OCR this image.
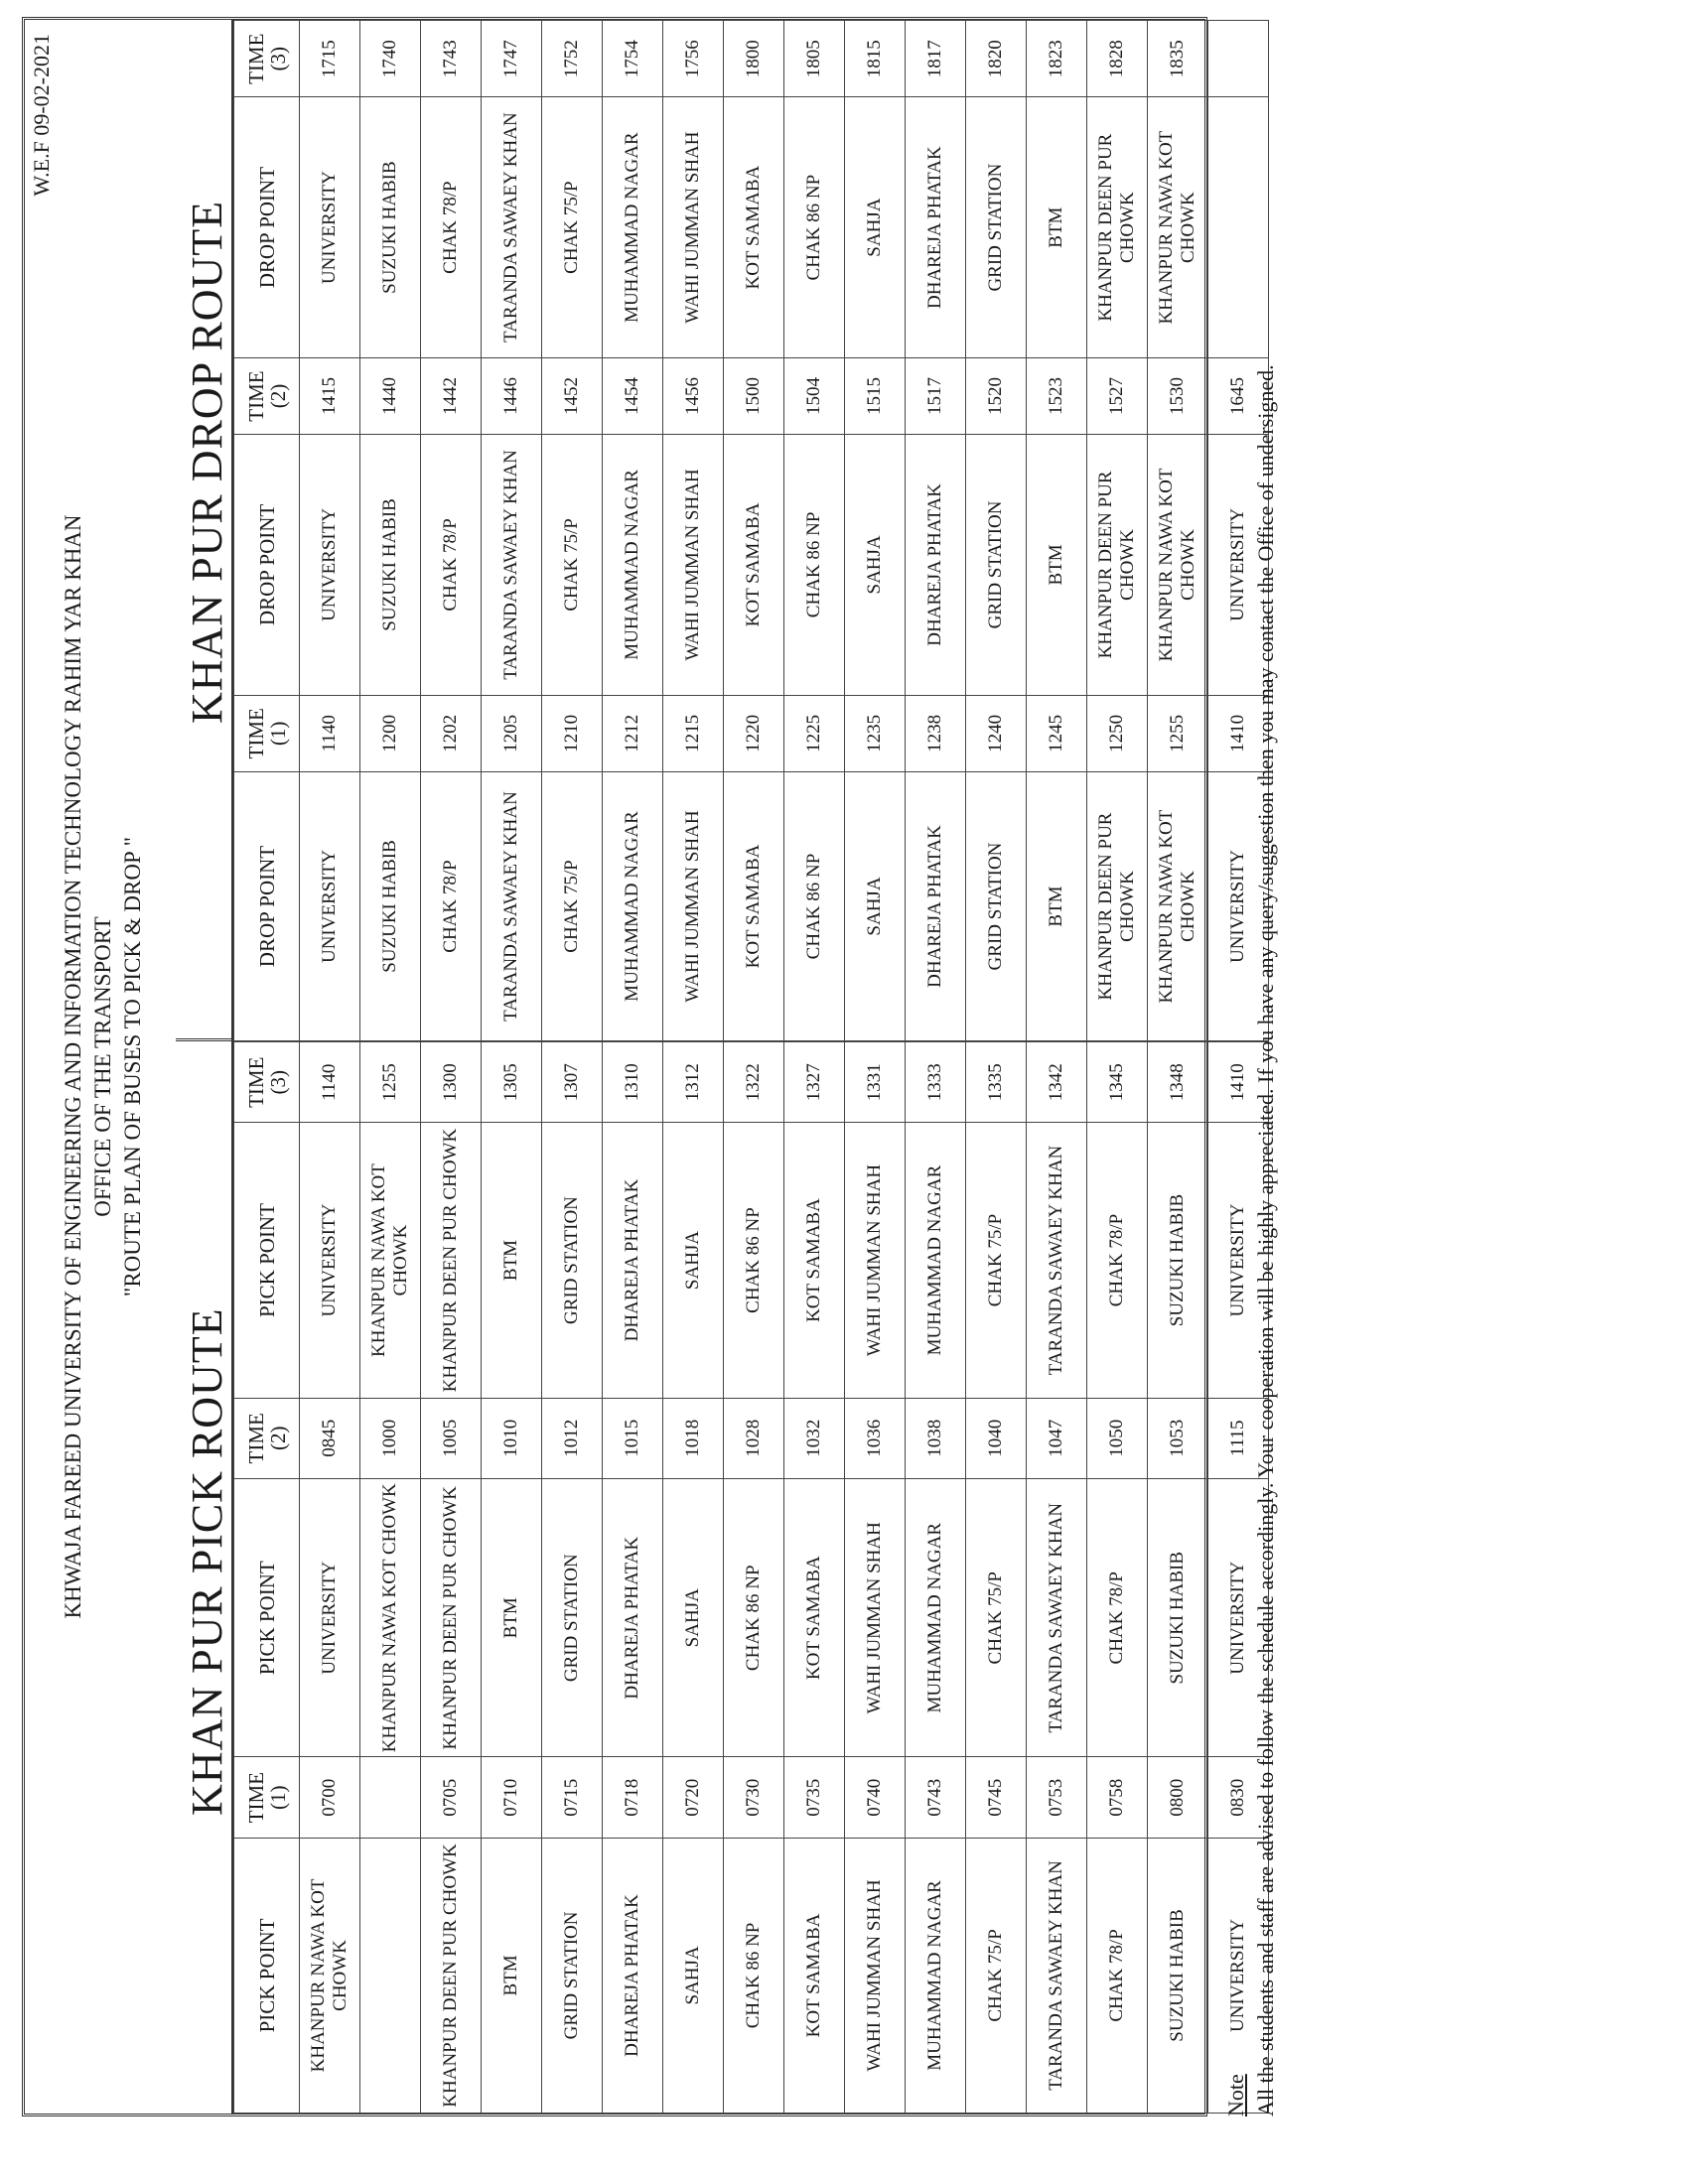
W.E.F 09-02-2021
KHWAJA FAREED UNIVERSITY OF ENGINEERING AND INFORMATION TECHNOLOGY RAHIM YAR KHAN OFFICE OF THE TRANSPORT "ROUTE PLAN OF BUSES TO PICK & DROP "
KHAN PUR PICK ROUTE
KHAN PUR DROP ROUTE
PICK POINT	TIME (1)	PICK POINT	TIME (2)	PICK POINT	TIME (3)
KHANPUR NAWA KOT CHOWK	0700	UNIVERSITY	0845	UNIVERSITY	1140
		KHANPUR NAWA KOT CHOWK	1000	KHANPUR NAWA KOT CHOWK	1255
KHANPUR DEEN PUR CHOWK	0705	KHANPUR DEEN PUR CHOWK	1005	KHANPUR DEEN PUR CHOWK	1300
BTM	0710	BTM	1010	BTM	1305
GRID STATION	0715	GRID STATION	1012	GRID STATION	1307
DHAREJA PHATAK	0718	DHAREJA PHATAK	1015	DHAREJA PHATAK	1310
SAHJA	0720	SAHJA	1018	SAHJA	1312
CHAK 86 NP	0730	CHAK 86 NP	1028	CHAK 86 NP	1322
KOT SAMABA	0735	KOT SAMABA	1032	KOT SAMABA	1327
WAHI JUMMAN SHAH	0740	WAHI JUMMAN SHAH	1036	WAHI JUMMAN SHAH	1331
MUHAMMAD NAGAR	0743	MUHAMMAD NAGAR	1038	MUHAMMAD NAGAR	1333
CHAK 75/P	0745	CHAK 75/P	1040	CHAK 75/P	1335
TARANDA SAWAEY KHAN	0753	TARANDA SAWAEY KHAN	1047	TARANDA SAWAEY KHAN	1342
CHAK 78/P	0758	CHAK 78/P	1050	CHAK 78/P	1345
SUZUKI HABIB	0800	SUZUKI HABIB	1053	SUZUKI HABIB	1348
UNIVERSITY	0830	UNIVERSITY	1115	UNIVERSITY	1410
DROP POINT	TIME (1)	DROP POINT	TIME (2)	DROP POINT	TIME (3)
UNIVERSITY	1140	UNIVERSITY	1415	UNIVERSITY	1715
SUZUKI HABIB	1200	SUZUKI HABIB	1440	SUZUKI HABIB	1740
CHAK 78/P	1202	CHAK 78/P	1442	CHAK 78/P	1743
TARANDA SAWAEY KHAN	1205	TARANDA SAWAEY KHAN	1446	TARANDA SAWAEY KHAN	1747
CHAK 75/P	1210	CHAK 75/P	1452	CHAK 75/P	1752
MUHAMMAD NAGAR	1212	MUHAMMAD NAGAR	1454	MUHAMMAD NAGAR	1754
WAHI JUMMAN SHAH	1215	WAHI JUMMAN SHAH	1456	WAHI JUMMAN SHAH	1756
KOT SAMABA	1220	KOT SAMABA	1500	KOT SAMABA	1800
CHAK 86 NP	1225	CHAK 86 NP	1504	CHAK 86 NP	1805
SAHJA	1235	SAHJA	1515	SAHJA	1815
DHAREJA PHATAK	1238	DHAREJA PHATAK	1517	DHAREJA PHATAK	1817
GRID STATION	1240	GRID STATION	1520	GRID STATION	1820
BTM	1245	BTM	1523	BTM	1823
KHANPUR DEEN PUR CHOWK	1250	KHANPUR DEEN PUR CHOWK	1527	KHANPUR DEEN PUR CHOWK	1828
KHANPUR NAWA KOT CHOWK	1255	KHANPUR NAWA KOT CHOWK	1530	KHANPUR NAWA KOT CHOWK	1835
UNIVERSITY	1410	UNIVERSITY	1645		
Note All the students and staff are advised to follow the schedule accordingly. Your cooperation will be highly appreciated. If you have any query/suggestion then you may contact the Office of undersigned.
